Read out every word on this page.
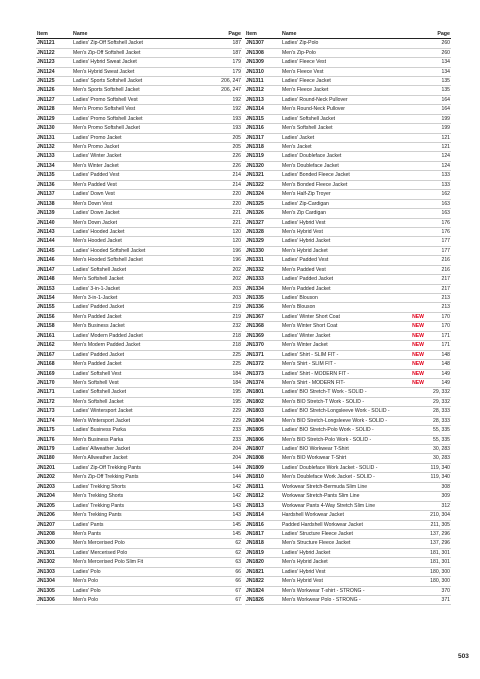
Item	Name	Page
JN1121	Ladies' Zip-Off Softshell Jacket	187
JN1122	Men's Zip-Off Softshell Jacket	187
JN1123	Ladies' Hybrid Sweat Jacket	179
JN1124	Men's Hybrid Sweat Jacket	179
JN1125	Ladies' Sports Softshell Jacket	206, 247
JN1126	Men's Sports Softshell Jacket	206, 247
JN1127	Ladies' Promo Softshell Vest	192
JN1128	Men's Promo Softshell Vest	192
JN1129	Ladies' Promo Softshell Jacket	193
JN1130	Men's Promo Softshell Jacket	193
JN1131	Ladies' Promo Jacket	205
JN1132	Men's Promo Jacket	205
JN1133	Ladies' Winter Jacket	226
JN1134	Men's Winter Jacket	226
JN1135	Ladies' Padded Vest	214
JN1136	Men's Padded Vest	214
JN1137	Ladies' Down Vest	220
JN1138	Men's Down Vest	220
JN1139	Ladies' Down Jacket	221
JN1140	Men's Down Jacket	221
JN1143	Ladies' Hooded Jacket	120
JN1144	Men's Hooded Jacket	120
JN1145	Ladies' Hooded Softshell Jacket	196
JN1146	Men's Hooded Softshell Jacket	196
JN1147	Ladies' Softshell Jacket	202
JN1148	Men's Softshell Jacket	202
JN1153	Ladies' 3-in-1-Jacket	203
JN1154	Men's 3-in-1-Jacket	203
JN1155	Ladies' Padded Jacket	219
JN1156	Men's Padded Jacket	219
JN1158	Men's Business Jacket	232
JN1161	Ladies' Modern Padded Jacket	218
JN1162	Men's Modern Padded Jacket	218
JN1167	Ladies' Padded Jacket	225
JN1168	Men's Padded Jacket	225
JN1169	Ladies' Softshell Vest	184
JN1170	Men's Softshell Vest	184
JN1171	Ladies' Softshell Jacket	195
JN1172	Men's Softshell Jacket	195
JN1173	Ladies' Wintersport Jacket	229
JN1174	Men's Wintersport Jacket	229
JN1175	Ladies' Business Parka	233
JN1176	Men's Business Parka	233
JN1179	Ladies' Allweather Jacket	204
JN1180	Men's Allweather Jacket	204
JN1201	Ladies' Zip-Off Trekking Pants	144
JN1202	Men's Zip-Off Trekking Pants	144
JN1203	Ladies' Trekking Shorts	142
JN1204	Men's Trekking Shorts	142
JN1205	Ladies' Trekking Pants	143
JN1206	Men's Trekking Pants	143
JN1207	Ladies' Pants	145
JN1208	Men's Pants	145
JN1300	Men's Mercerised Polo	62
JN1301	Ladies' Mercerised Polo	62
JN1302	Men's Mercerised Polo Slim Fit	63
JN1303	Ladies' Polo	66
JN1304	Men's Polo	66
JN1305	Ladies' Polo	67
JN1306	Men's Polo	67
Item	Name		Page
JN1307	Ladies' Zip-Polo		260
JN1308	Men's Zip-Polo		260
JN1309	Ladies' Fleece Vest		134
JN1310	Men's Fleece Vest		134
JN1311	Ladies' Fleece Jacket		135
JN1312	Men's Fleece Jacket		135
JN1313	Ladies' Round-Neck Pullover		164
JN1314	Men's Round-Neck Pullover		164
JN1315	Ladies' Softshell Jacket		199
JN1316	Men's Softshell Jacket		199
JN1317	Ladies' Jacket		121
JN1318	Men's Jacket		121
JN1319	Ladies' Doubleface Jacket		124
JN1320	Men's Doubleface Jacket		124
JN1321	Ladies' Bonded Fleece Jacket		133
JN1322	Men's Bonded Fleece Jacket		133
JN1324	Men's Half-Zip Troyer		162
JN1325	Ladies' Zip-Cardigan		163
JN1326	Men's Zip Cardigan		163
JN1327	Ladies' Hybrid Vest		176
JN1328	Men's Hybrid Vest		176
JN1329	Ladies' Hybrid Jacket		177
JN1330	Men's Hybrid Jacket		177
JN1331	Ladies' Padded Vest		216
JN1332	Men's Padded Vest		216
JN1333	Ladies' Padded Jacket		217
JN1334	Men's Padded Jacket		217
JN1335	Ladies' Blouson		213
JN1336	Men's Blouson		213
JN1367	Ladies' Winter Short Coat	NEW	170
JN1368	Men's Winter Short Coat	NEW	170
JN1369	Ladies' Winter Jacket	NEW	171
JN1370	Men's Winter Jacket	NEW	171
JN1371	Ladies' Shirt - SLIM FIT -	NEW	148
JN1372	Men's Shirt - SLIM FIT -	NEW	148
JN1373	Ladies' Shirt - MODERN FIT -	NEW	149
JN1374	Men's Shirt - MODERN FIT-	NEW	149
JN1801	Ladies' BIO Stretch-T Work - SOLID -		29, 332
JN1802	Men's BIO Stretch-T Work - SOLID -		29, 332
JN1803	Ladies' BIO Stretch-Longsleeve Work - SOLID -		28, 333
JN1804	Men's BIO Stretch-Longsleeve Work - SOLID -		28, 333
JN1805	Ladies' BIO Stretch-Polo Work - SOLID -		55, 335
JN1806	Men's BIO Stretch-Polo Work - SOLID -		55, 335
JN1807	Ladies' BIO Workwear T-Shirt		30, 283
JN1808	Men's BIO Workwear T-Shirt		30, 283
JN1809	Ladies' Doubleface Work Jacket - SOLID -		119, 340
JN1810	Men's Doubleface Work Jacket - SOLID -		119, 340
JN1811	Workwear Stretch-Bermuda Slim Line		308
JN1812	Workwear Stretch-Pants Slim Line		309
JN1813	Workwear Pants 4-Way Stretch Slim Line		312
JN1814	Hardshell Workwear Jacket		210, 304
JN1816	Padded Hardshell Workwear Jacket		211, 305
JN1817	Ladies' Structure Fleece Jacket		137, 296
JN1818	Men's Structure Fleece Jacket		137, 296
JN1819	Ladies' Hybrid Jacket		181, 301
JN1820	Men's Hybrid Jacket		181, 301
JN1821	Ladies' Hybrid Vest		180, 300
JN1822	Men's Hybrid Vest		180, 300
JN1824	Men's Workwear T-shirt - STRONG -		370
JN1826	Men's Workwear Polo - STRONG -		371
503
